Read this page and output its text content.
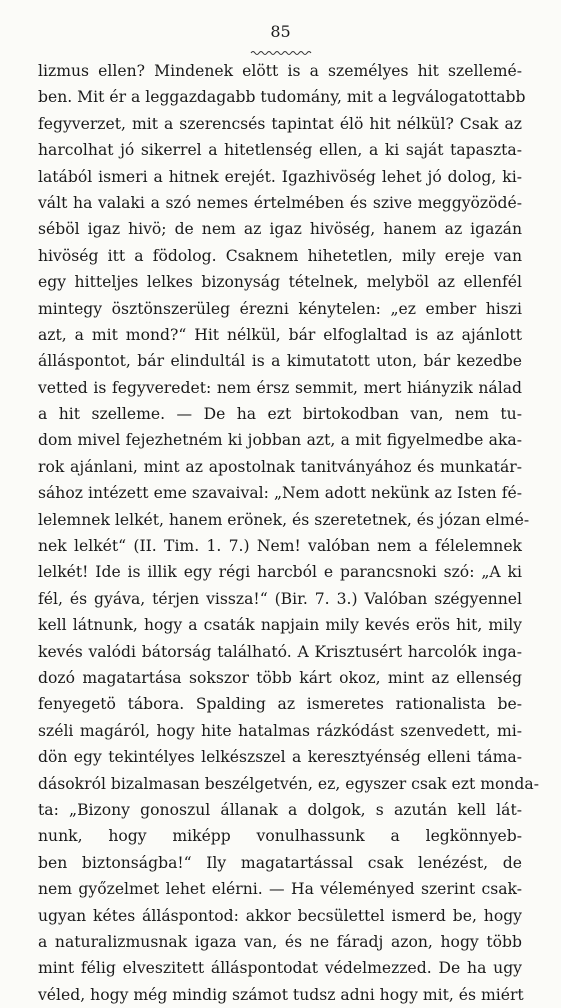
85
lizmus ellen? Mindenek elött is a személyes hit szellemé-
ben. Mit ér a leggazdagabb tudomány, mit a legválogatottabb
fegyverzet, mit a szerencsés tapintat élö hit nélkül? Csak az
harcolhat jó sikerrel a hitetlenség ellen, a ki saját tapaszta-
latából ismeri a hitnek erejét. Igazhivöség lehet jó dolog, ki-
vált ha valaki a szó nemes értelmében és szive meggyözödé-
séböl igaz hivö; de nem az igaz hivöség, hanem az igazán
hivöség itt a födolog. Csaknem hihetetlen, mily ereje van
egy hitteljes lelkes bizonyság tételnek, melyböl az ellenfél
mintegy ösztönszerüleg érezni kénytelen: „ez ember hiszi
azt, a mit mond?“ Hit nélkül, bár elfoglaltad is az ajánlott
álláspontot, bár elindultál is a kimutatott uton, bár kezedbe
vetted is fegyveredet: nem érsz semmit, mert hiányzik nálad
a hit szelleme. — De ha ezt birtokodban van, nem tu-
dom mivel fejezhetném ki jobban azt, a mit figyelmedbe aka-
rok ajánlani, mint az apostolnak tanitványához és munkatár-
sához intézett eme szavaival: „Nem adott nekünk az Isten fé-
lelemnek lelkét, hanem erönek, és szeretetnek, és józan elmé-
nek lelkét“ (II. Tim. 1. 7.) Nem! valóban nem a félelemnek
lelkét! Ide is illik egy régi harcból e parancsnoki szó: „A ki
fél, és gyáva, térjen vissza!“ (Bir. 7. 3.) Valóban szégyennel
kell látnunk, hogy a csaták napjain mily kevés erös hit, mily
kevés valódi bátorság található. A Krisztusért harcolók inga-
dozó magatartása sokszor több kárt okoz, mint az ellenség
fenyegetö tábora. Spalding az ismeretes rationalista be-
széli magáról, hogy hite hatalmas rázkódást szenvedett, mi-
dön egy tekintélyes lelkészszel a keresztyénség elleni táma-
dásokról bizalmasan beszélgetvén, ez, egyszer csak ezt monda-
ta: „Bizony gonoszul állanak a dolgok, s azután kell lát-
nunk, hogy miképp vonulhassunk a legkönnyeb-
ben biztonságba!“ Ily magatartással csak lenézést, de
nem győzelmet lehet elérni. — Ha véleményed szerint csak-
ugyan kétes álláspontod: akkor becsülettel ismerd be, hogy
a naturalizmusnak igaza van, és ne fáradj azon, hogy több
mint félig elveszitett álláspontodat védelmezzed. De ha ugy
véled, hogy még mindig számot tudsz adni hogy mit, és miért
